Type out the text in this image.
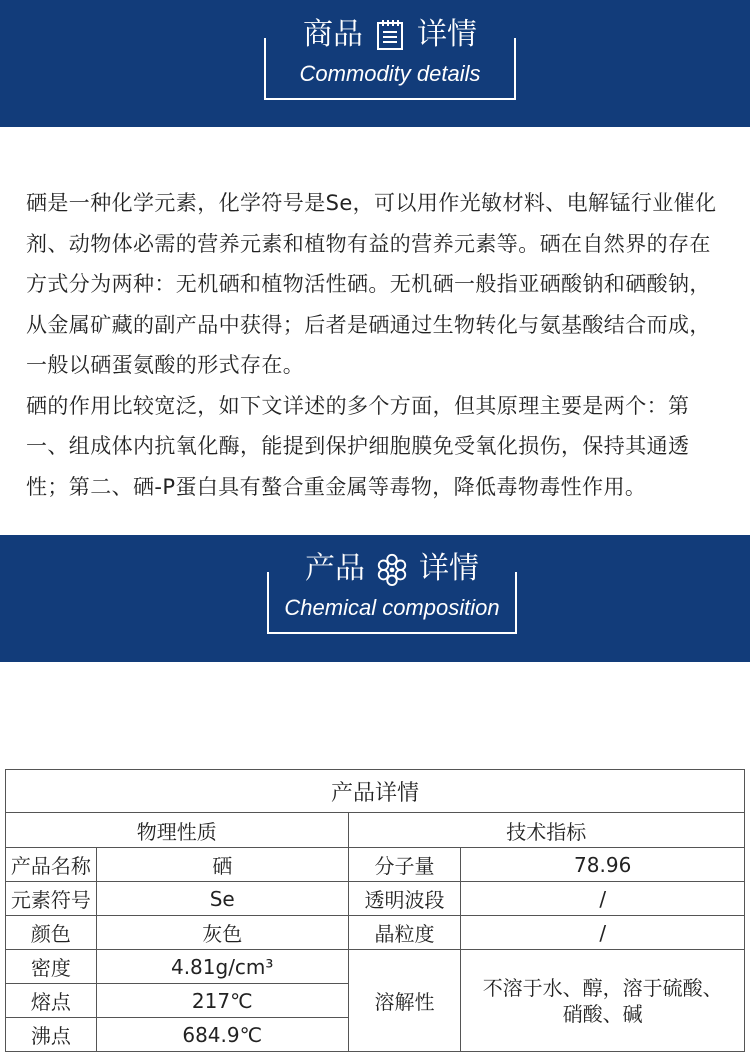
商品 详情
Commodity details

硒是一种化学元素，化学符号是Se，可以用作光敏材料、电解锰行业催化剂、动物体必需的营养元素和植物有益的营养元素等。硒在自然界的存在方式分为两种：无机硒和植物活性硒。无机硒一般指亚硒酸钠和硒酸钠，从金属矿藏的副产品中获得；后者是硒通过生物转化与氨基酸结合而成，一般以硒蛋氨酸的形式存在。

硒的作用比较宽泛，如下文详述的多个方面，但其原理主要是两个：第一、组成体内抗氧化酶，能提到保护细胞膜免受氧化损伤，保持其通透性；第二、硒-P蛋白具有螯合重金属等毒物，降低毒物毒性作用。

产品 详情
Chemical composition
产品详情			
物理性质		技术指标	
产品名称	硒	分子量	78.96
元素符号	Se	透明波段	/
颜色	灰色	晶粒度	/
密度	4.81g/cm³	溶解性	不溶于水、醇，溶于硫酸、硝酸、碱
熔点	217℃		
沸点	684.9℃		
